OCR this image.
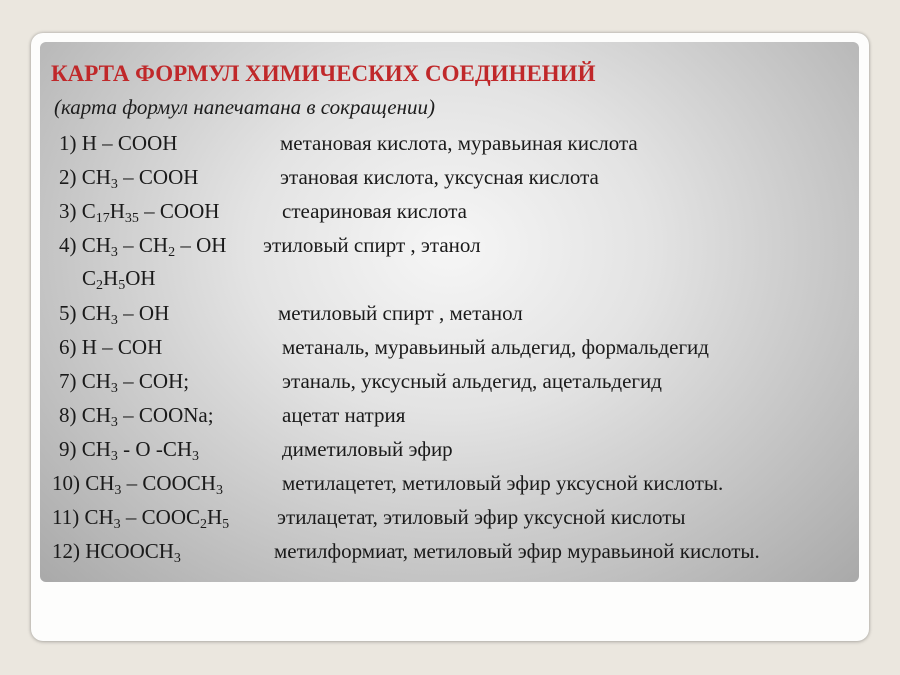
КАРТА ФОРМУЛ ХИМИЧЕСКИХ СОЕДИНЕНИЙ
(карта формул напечатана в сокращении)
1) H – COOH	метановая кислота, муравьиная кислота
2) $CH_3$ – COOH	этановая кислота, уксусная кислота
3) $C_{17}H_{35}$ – COOH	стеариновая кислота
4) $CH_3 - CH_2$ – OH этиловый спирт , этанол
$C_2H_5OH$
5) $CH_3$ – OH	метиловый спирт , метанол
6) H – COH	метаналь, муравьиный альдегид, формальдегид
7) $CH_3$ – COH;	этаналь, уксусный альдегид, ацетальдегид
8) $CH_3$ – COONa;	ацетат натрия
9) $CH_3$ - O $-CH_3$	диметиловый эфир
10) $CH_3$ – $COOCH_3$	метилацетет, метиловый эфир уксусной кислоты.
11) $CH_3$ – $COOC_2H_5$ этилацетат, этиловый эфир уксусной кислоты
12) $HCOOCH_3$	метилформиат, метиловый эфир муравьиной кислоты.
